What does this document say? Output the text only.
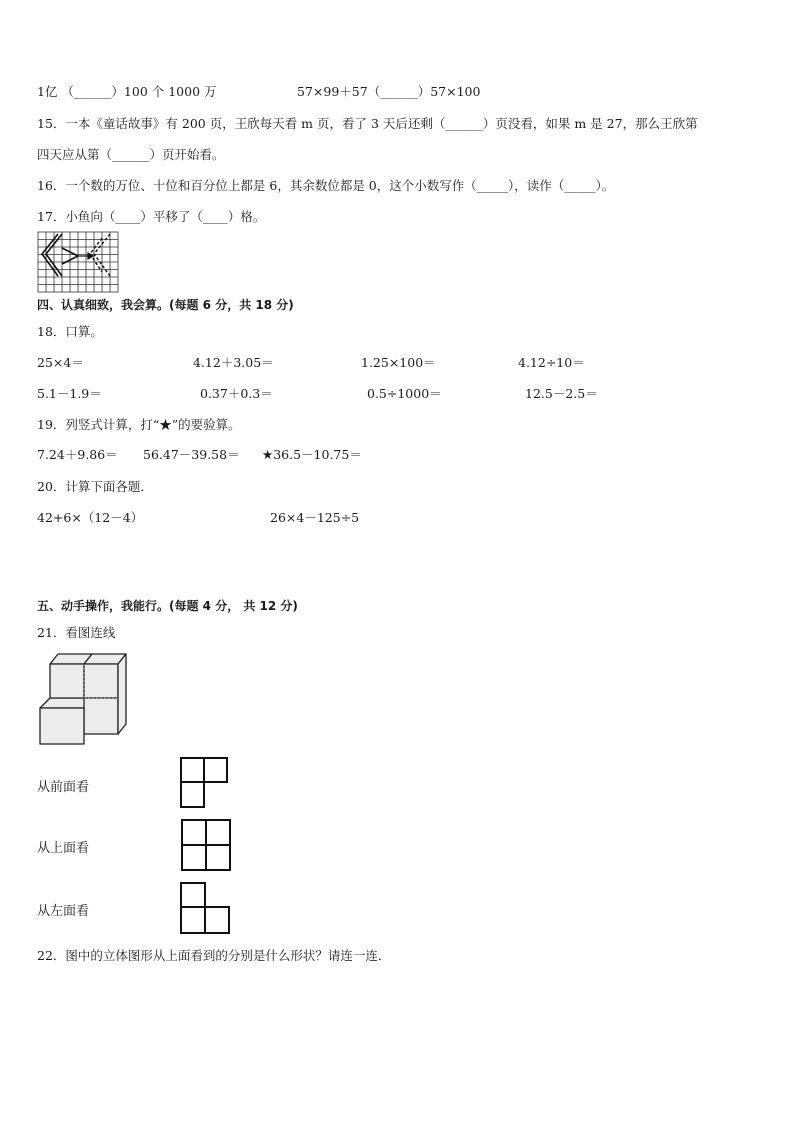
1亿 （______）100 个 1000 万	57×99＋57（______）57×100
15．一本《童话故事》有 200 页，王欣每天看 m 页，看了 3 天后还剩（______）页没看，如果 m 是 27，那么王欣第
四天应从第（______）页开始看。
16．一个数的万位、十位和百分位上都是 6，其余数位都是 0，这个小数写作（_____），读作（_____）。
17．小鱼向（____）平移了（____）格。
四、认真细致，我会算。(每题 6 分，共 18 分)
18．口算。
25×4＝	4.12＋3.05＝	1.25×100＝	4.12÷10＝
5.1－1.9＝	0.37＋0.3＝	0.5÷1000＝	12.5－2.5＝
19．列竖式计算，打“★”的要验算。
7.24＋9.86＝ 56.47－39.58＝ ★36.5－10.75＝
20．计算下面各题．
42+6×（12－4）	26×4－125÷5
五、动手操作，我能行。(每题 4 分， 共 12 分)
21．看图连线
从前面看
从上面看
从左面看
22．图中的立体图形从上面看到的分别是什么形状？请连一连．
